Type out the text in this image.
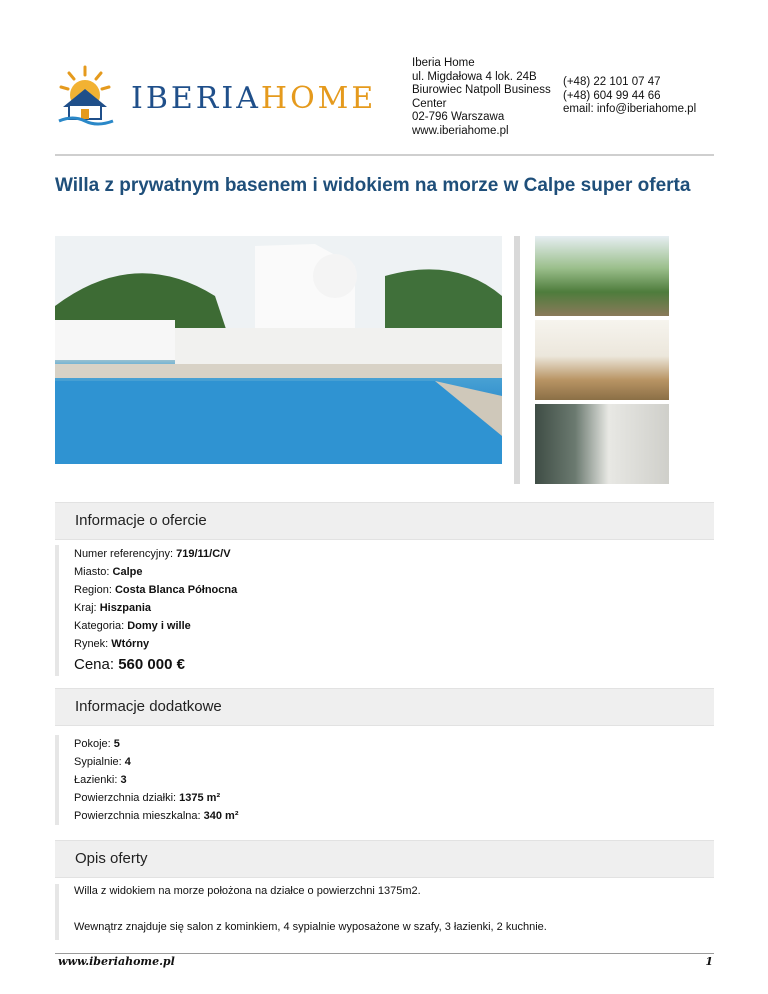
IBERIAHOME
Iberia Home
ul. Migdałowa 4 lok. 24B
Biurowiec Natpoll Business
Center
02-796 Warszawa
www.iberiahome.pl
(+48) 22 101 07 47
(+48) 604 99 44 66
email: info@iberiahome.pl
Willa z prywatnym basenem i widokiem na morze w Calpe super oferta
Informacje o ofercie
Numer referencyjny: 719/11/C/V
Miasto: Calpe
Region: Costa Blanca Północna
Kraj: Hiszpania
Kategoria: Domy i wille
Rynek: Wtórny
Cena: 560 000 €
Informacje dodatkowe
Pokoje: 5
Sypialnie: 4
Łazienki: 3
Powierzchnia działki: 1375 m²
Powierzchnia mieszkalna: 340 m²
Opis oferty

Willa z widokiem na morze położona na działce o powierzchni 1375m2.

Wewnątrz znajduje się salon z kominkiem, 4 sypialnie wyposażone w szafy, 3 łazienki, 2 kuchnie.

www.iberiahome.pl	1
